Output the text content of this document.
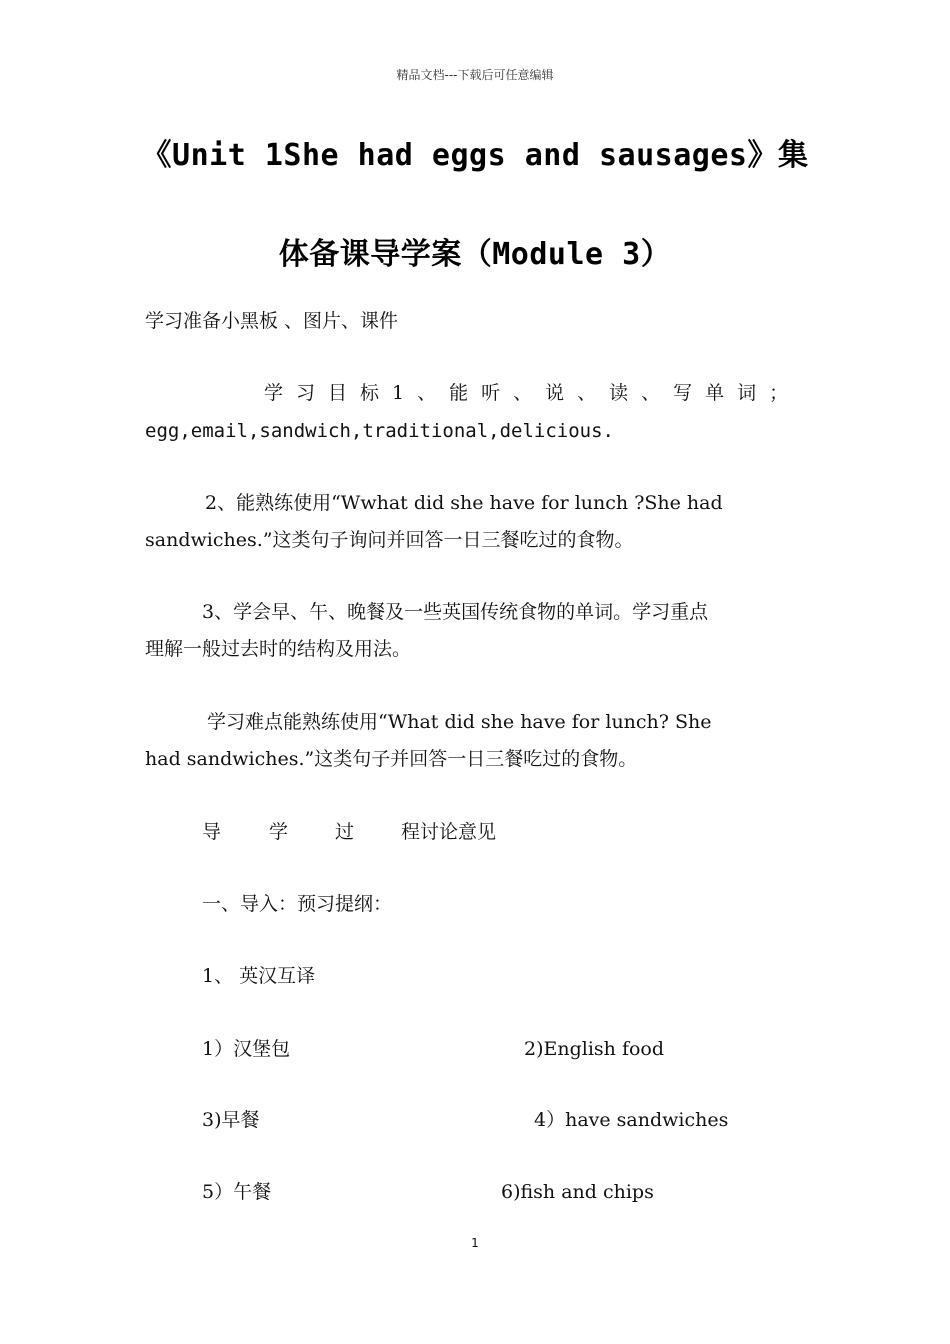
精品文档---下载后可任意编辑
《Unit 1She had eggs and sausages》集
体备课导学案（Module 3）
学习准备小黑板 、图片、课件
学习目标1、能听、说、读、写单词；
egg,email,sandwich,traditional,delicious.
2、能熟练使用“Wwhat did she have for lunch ?She had
sandwiches.”这类句子询问并回答一日三餐吃过的食物。
3、学会早、午、晚餐及一些英国传统食物的单词。学习重点
理解一般过去时的结构及用法。
学习难点能熟练使用“What did she have for lunch? She
had sandwiches.”这类句子并回答一日三餐吃过的食物。
导	学 过 程讨论意见
一、导入：预习提纲：
1、 英汉互译
1）汉堡包	2)English food
3)早餐	4）have sandwiches
5）午餐	6)fish and chips
1
